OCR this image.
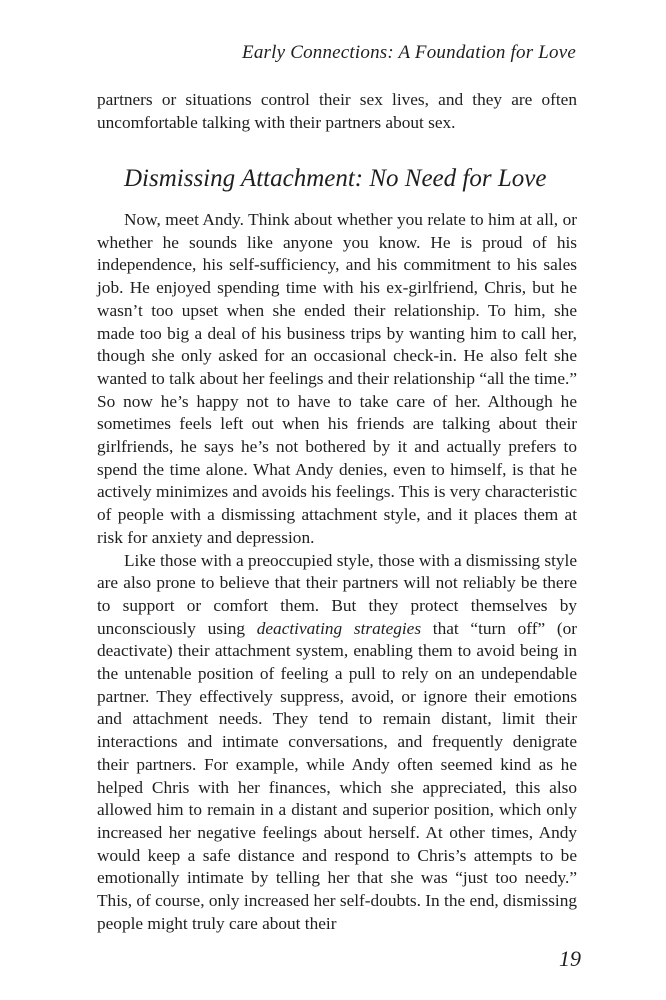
Early Connections: A Foundation for Love

partners or situations control their sex lives, and they are often uncomfortable talking with their partners about sex.

Dismissing Attachment: No Need for Love

Now, meet Andy. Think about whether you relate to him at all, or whether he sounds like anyone you know. He is proud of his independence, his self-sufficiency, and his commitment to his sales job. He enjoyed spending time with his ex-girlfriend, Chris, but he wasn’t too upset when she ended their relationship. To him, she made too big a deal of his business trips by wanting him to call her, though she only asked for an occasional check-in. He also felt she wanted to talk about her feelings and their relationship “all the time.” So now he’s happy not to have to take care of her. Although he sometimes feels left out when his friends are talking about their girlfriends, he says he’s not bothered by it and actually prefers to spend the time alone. What Andy denies, even to himself, is that he actively minimizes and avoids his feelings. This is very characteristic of people with a dismissing attachment style, and it places them at risk for anxiety and depression.

Like those with a preoccupied style, those with a dismissing style are also prone to believe that their partners will not reliably be there to support or comfort them. But they protect themselves by unconsciously using deactivating strategies that “turn off” (or deactivate) their attachment system, enabling them to avoid being in the untenable position of feeling a pull to rely on an undependable partner. They effectively suppress, avoid, or ignore their emotions and attachment needs. They tend to remain distant, limit their interactions and intimate conversations, and frequently denigrate their partners. For example, while Andy often seemed kind as he helped Chris with her finances, which she appreciated, this also allowed him to remain in a distant and superior position, which only increased her negative feelings about herself. At other times, Andy would keep a safe distance and respond to Chris’s attempts to be emotionally intimate by telling her that she was “just too needy.” This, of course, only increased her self-doubts. In the end, dismissing people might truly care about their

19
